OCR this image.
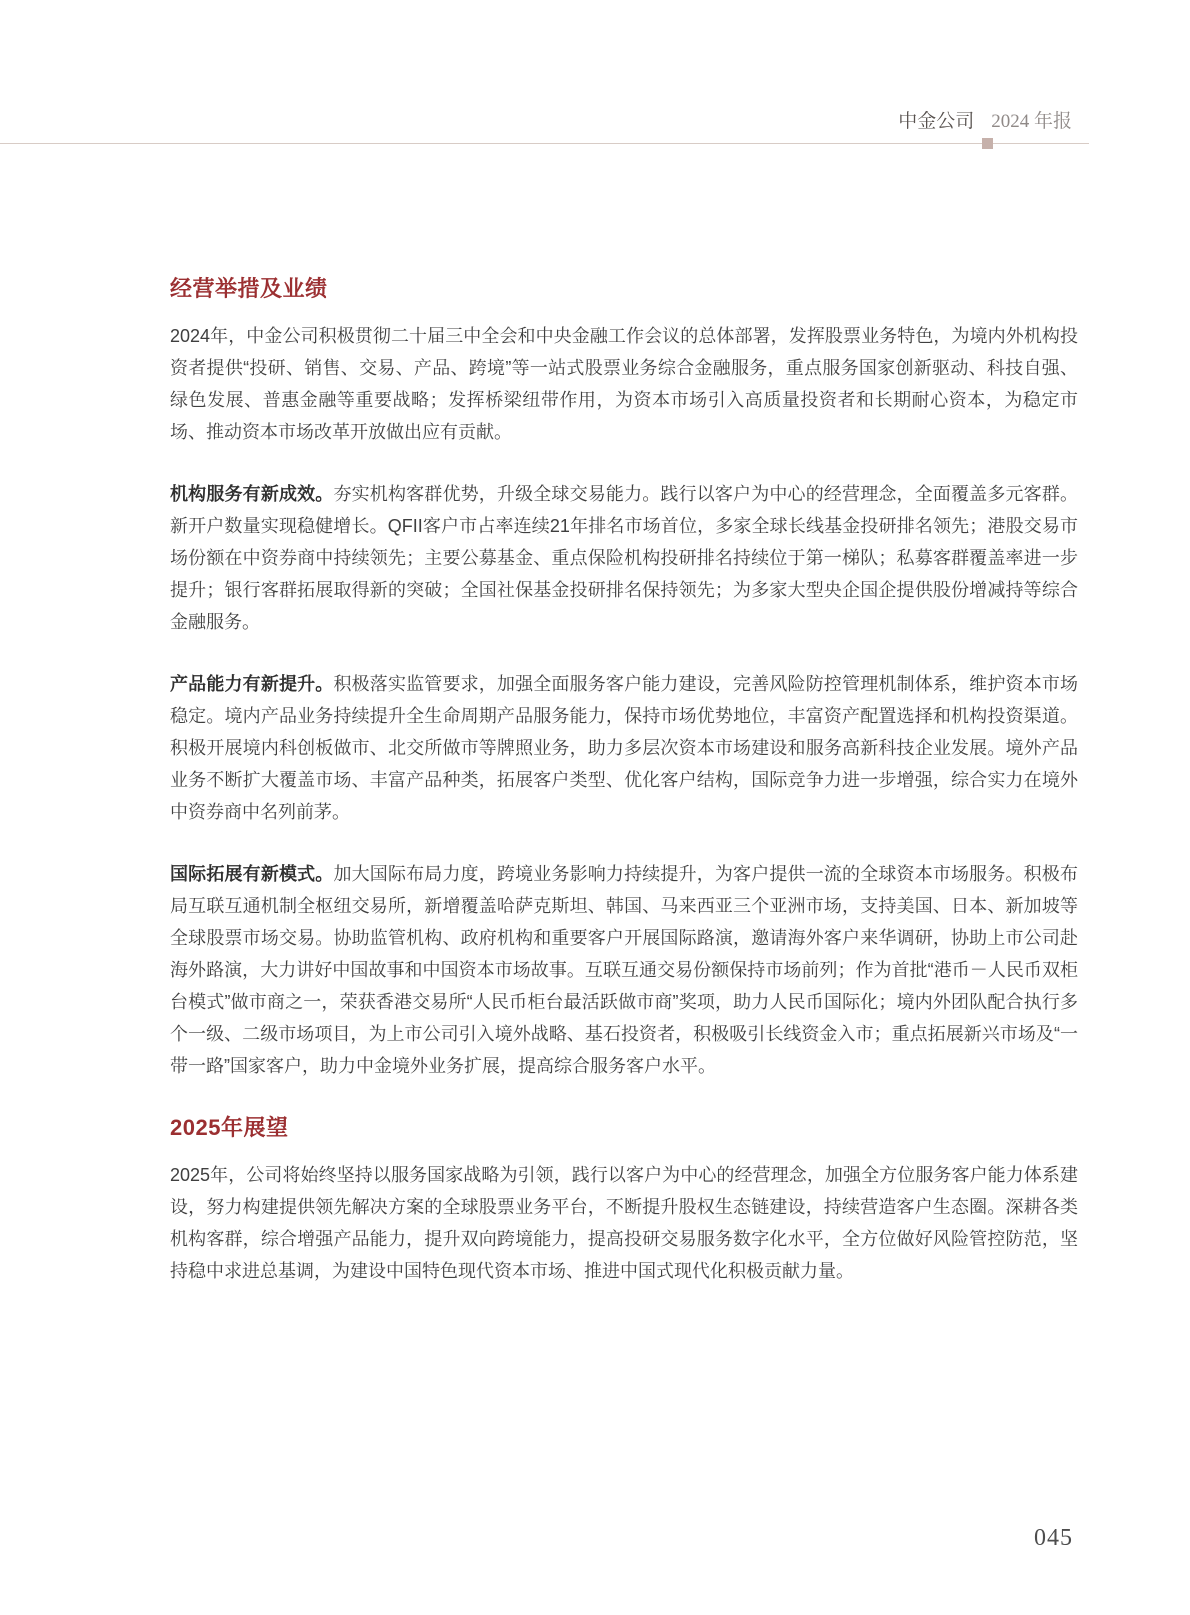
中金公司 2024 年报
经营举措及业绩

2024年，中金公司积极贯彻二十届三中全会和中央金融工作会议的总体部署，发挥股票业务特色，为境内外机构投资者提供“投研、销售、交易、产品、跨境”等一站式股票业务综合金融服务，重点服务国家创新驱动、科技自强、绿色发展、普惠金融等重要战略；发挥桥梁纽带作用，为资本市场引入高质量投资者和长期耐心资本，为稳定市场、推动资本市场改革开放做出应有贡献。

机构服务有新成效。夯实机构客群优势，升级全球交易能力。践行以客户为中心的经营理念，全面覆盖多元客群。新开户数量实现稳健增长。QFII客户市占率连续21年排名市场首位，多家全球长线基金投研排名领先；港股交易市场份额在中资券商中持续领先；主要公募基金、重点保险机构投研排名持续位于第一梯队；私募客群覆盖率进一步提升；银行客群拓展取得新的突破；全国社保基金投研排名保持领先；为多家大型央企国企提供股份增减持等综合金融服务。

产品能力有新提升。积极落实监管要求，加强全面服务客户能力建设，完善风险防控管理机制体系，维护资本市场稳定。境内产品业务持续提升全生命周期产品服务能力，保持市场优势地位，丰富资产配置选择和机构投资渠道。积极开展境内科创板做市、北交所做市等牌照业务，助力多层次资本市场建设和服务高新科技企业发展。境外产品业务不断扩大覆盖市场、丰富产品种类，拓展客户类型、优化客户结构，国际竞争力进一步增强，综合实力在境外中资券商中名列前茅。

国际拓展有新模式。加大国际布局力度，跨境业务影响力持续提升，为客户提供一流的全球资本市场服务。积极布局互联互通机制全枢纽交易所，新增覆盖哈萨克斯坦、韩国、马来西亚三个亚洲市场，支持美国、日本、新加坡等全球股票市场交易。协助监管机构、政府机构和重要客户开展国际路演，邀请海外客户来华调研，协助上市公司赴海外路演，大力讲好中国故事和中国资本市场故事。互联互通交易份额保持市场前列；作为首批“港币－人民币双柜台模式”做市商之一，荣获香港交易所“人民币柜台最活跃做市商”奖项，助力人民币国际化；境内外团队配合执行多个一级、二级市场项目，为上市公司引入境外战略、基石投资者，积极吸引长线资金入市；重点拓展新兴市场及“一带一路”国家客户，助力中金境外业务扩展，提高综合服务客户水平。

2025年展望

2025年，公司将始终坚持以服务国家战略为引领，践行以客户为中心的经营理念，加强全方位服务客户能力体系建设，努力构建提供领先解决方案的全球股票业务平台，不断提升股权生态链建设，持续营造客户生态圈。深耕各类机构客群，综合增强产品能力，提升双向跨境能力，提高投研交易服务数字化水平，全方位做好风险管控防范，坚持稳中求进总基调，为建设中国特色现代资本市场、推进中国式现代化积极贡献力量。

045
